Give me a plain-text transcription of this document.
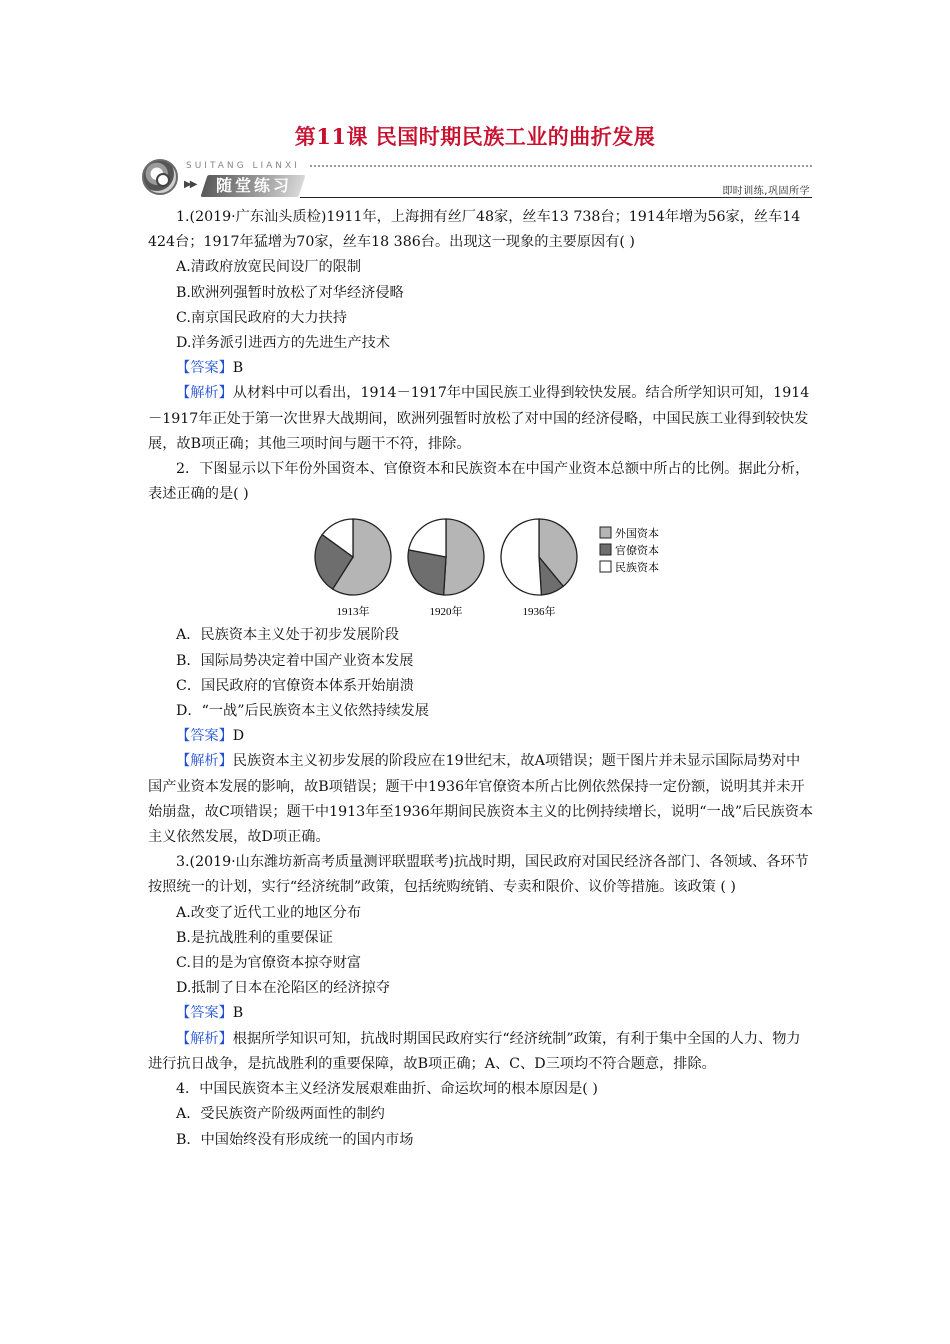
第11课 民国时期民族工业的曲折发展
SUITANG LIANXI
▶▶ 随堂练习	即时训练,巩固所学

1.(2019·广东汕头质检)1911年，上海拥有丝厂48家，丝车13 738台；1914年增为56家，丝车14 424台；1917年猛增为70家，丝车18 386台。出现这一现象的主要原因有( )

A.清政府放宽民间设厂的限制

B.欧洲列强暂时放松了对华经济侵略

C.南京国民政府的大力扶持

D.洋务派引进西方的先进生产技术

【答案】B

【解析】从材料中可以看出，1914－1917年中国民族工业得到较快发展。结合所学知识可知，1914－1917年正处于第一次世界大战期间，欧洲列强暂时放松了对中国的经济侵略，中国民族工业得到较快发展，故B项正确；其他三项时间与题干不符，排除。

2．下图显示以下年份外国资本、官僚资本和民族资本在中国产业资本总额中所占的比例。据此分析，表述正确的是( )

1913年	1920年	1936年
外国资本
官僚资本
民族资本

A．民族资本主义处于初步发展阶段

B．国际局势决定着中国产业资本发展

C．国民政府的官僚资本体系开始崩溃

D．“一战”后民族资本主义依然持续发展

【答案】D

【解析】民族资本主义初步发展的阶段应在19世纪末，故A项错误；题干图片并未显示国际局势对中国产业资本发展的影响，故B项错误；题干中1936年官僚资本所占比例依然保持一定份额，说明其并未开始崩盘，故C项错误；题干中1913年至1936年期间民族资本主义的比例持续增长，说明“一战”后民族资本主义依然发展，故D项正确。

3.(2019·山东潍坊新高考质量测评联盟联考)抗战时期，国民政府对国民经济各部门、各领域、各环节按照统一的计划，实行“经济统制”政策，包括统购统销、专卖和限价、议价等措施。该政策 ( )

A.改变了近代工业的地区分布

B.是抗战胜利的重要保证

C.目的是为官僚资本掠夺财富

D.抵制了日本在沦陷区的经济掠夺

【答案】B

【解析】根据所学知识可知，抗战时期国民政府实行“经济统制”政策，有利于集中全国的人力、物力进行抗日战争，是抗战胜利的重要保障，故B项正确；A、C、D三项均不符合题意，排除。

4．中国民族资本主义经济发展艰难曲折、命运坎坷的根本原因是( )

A．受民族资产阶级两面性的制约

B．中国始终没有形成统一的国内市场
